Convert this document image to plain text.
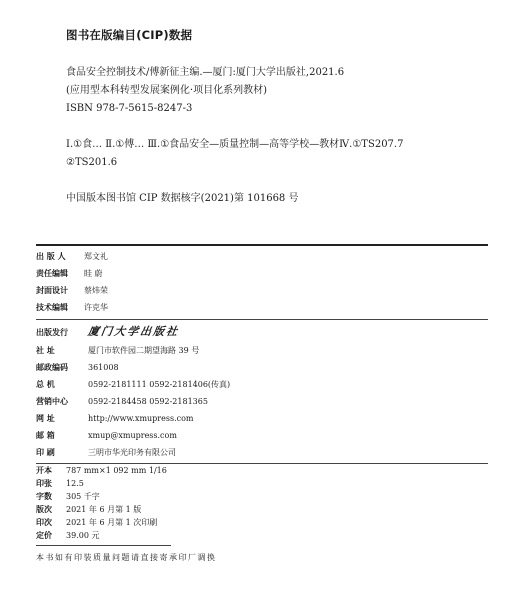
图书在版编目(CIP)数据
食品安全控制技术/傅新征主编.—厦门:厦门大学出版社,2021.6
(应用型本科转型发展案例化·项目化系列教材)
ISBN 978-7-5615-8247-3
Ⅰ.①食… Ⅱ.①傅… Ⅲ.①食品安全—质量控制—高等学校—教材Ⅳ.①TS207.7
②TS201.6
中国版本图书馆 CIP 数据核字(2021)第 101668 号
出 版 人 郑文礼
责任编辑 眭 蔚
封面设计 蔡炜荣
技术编辑 许克华
出版发行 廈门大学出版社
社 址	厦门市软件园二期望海路 39 号
邮政编码	361008
总 机	0592-2181111 0592-2181406(传真)
营销中心	0592-2184458 0592-2181365
网 址	http://www.xmupress.com
邮 箱	xmup@xmupress.com
印 刷	三明市华光印务有限公司
开本 787 mm×1 092 mm 1/16
印张 12.5
字数 305 千字
版次 2021 年 6 月第 1 版
印次 2021 年 6 月第 1 次印刷
定价 39.00 元
本书如有印装质量问题请直接寄承印厂调换
